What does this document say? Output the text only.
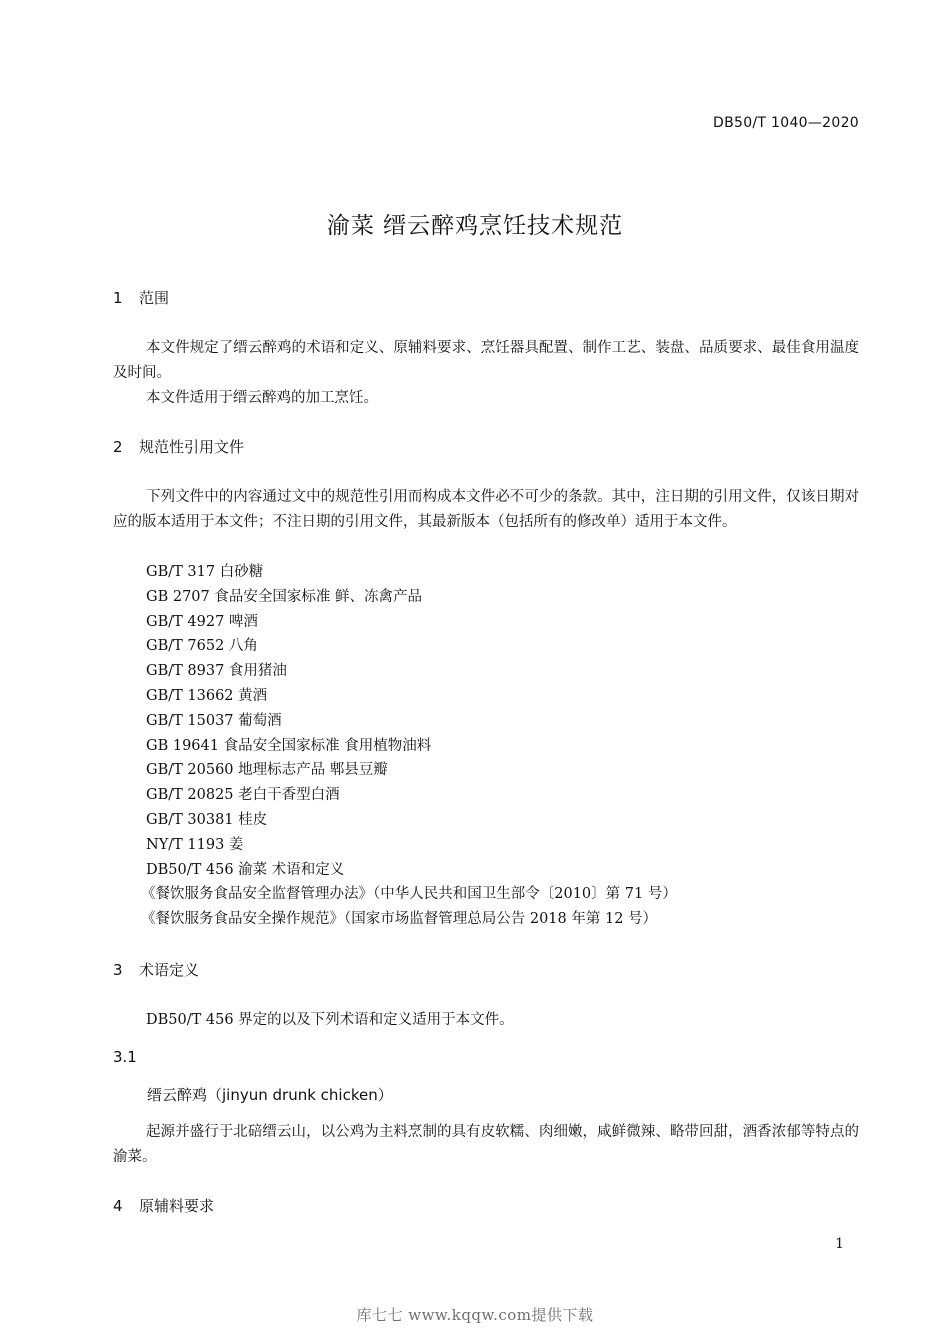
DB50/T 1040—2020
渝菜 缙云醉鸡烹饪技术规范
1 范围
本文件规定了缙云醉鸡的术语和定义、原辅料要求、烹饪器具配置、制作工艺、装盘、品质要求、最佳食用温度及时间。
本文件适用于缙云醉鸡的加工烹饪。
2 规范性引用文件
下列文件中的内容通过文中的规范性引用而构成本文件必不可少的条款。其中，注日期的引用文件，仅该日期对应的版本适用于本文件；不注日期的引用文件，其最新版本（包括所有的修改单）适用于本文件。
GB/T 317 白砂糖
GB 2707 食品安全国家标准 鲜、冻禽产品
GB/T 4927 啤酒
GB/T 7652 八角
GB/T 8937 食用猪油
GB/T 13662 黄酒
GB/T 15037 葡萄酒
GB 19641 食品安全国家标准 食用植物油料
GB/T 20560 地理标志产品 郫县豆瓣
GB/T 20825 老白干香型白酒
GB/T 30381 桂皮
NY/T 1193 姜
DB50/T 456 渝菜 术语和定义
《餐饮服务食品安全监督管理办法》（中华人民共和国卫生部令〔2010〕第 71 号）
《餐饮服务食品安全操作规范》（国家市场监督管理总局公告 2018 年第 12 号）
3 术语定义
DB50/T 456 界定的以及下列术语和定义适用于本文件。
3.1
缙云醉鸡（jinyun drunk chicken）
起源并盛行于北碚缙云山，以公鸡为主料烹制的具有皮软糯、肉细嫩，咸鲜微辣、略带回甜，酒香浓郁等特点的渝菜。
4 原辅料要求
1
库七七 www.kqqw.com提供下载
